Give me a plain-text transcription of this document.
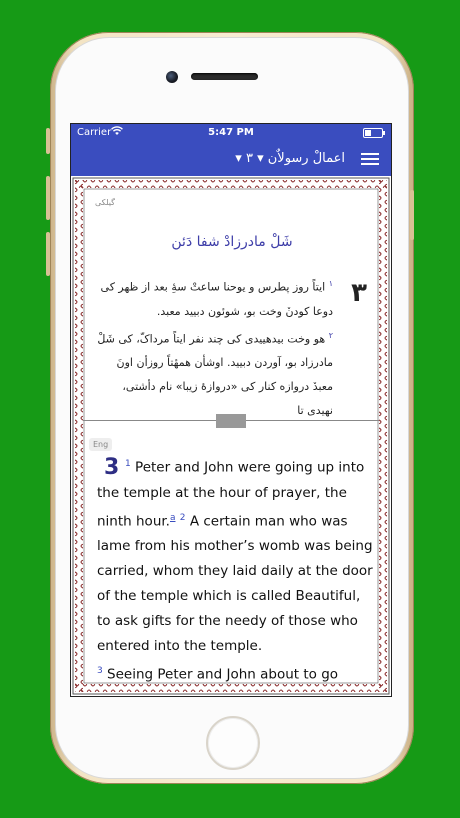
Carrier	5:47 PM
اعمالْ رسولاٌن ▾ ۳ ▾
گیلکی
شَلْ مادرزادْ شفا دَئن
۳
$^۱$ ایتاً روز پطرس و یوحنا ساعتْ سهِٔ بعد از ظهر کی دوعا کودنٚ وخت بو، شوئون دبیید معبد.
$^۲$ هو وخت بیدهییدی کی چند نفر ایتاً مرداکّ، کی شَلْ مادرزاد بو، آوردن دبیید. اوشأن همهٔتاً روزأن اونَ معبدٚ دروازه کنار کی «دروازهٔ زیبا» نام دأشتی، نهیدی تا
Eng
3 $^1$ Peter and John were going up into the temple at the hour of prayer, the ninth hour.$^a$ $^2$ A certain man who was lame from his mother’s womb was being carried, whom they laid daily at the door of the temple which is called Beautiful, to ask gifts for the needy of those who entered into the temple.
$^3$ Seeing Peter and John about to go
